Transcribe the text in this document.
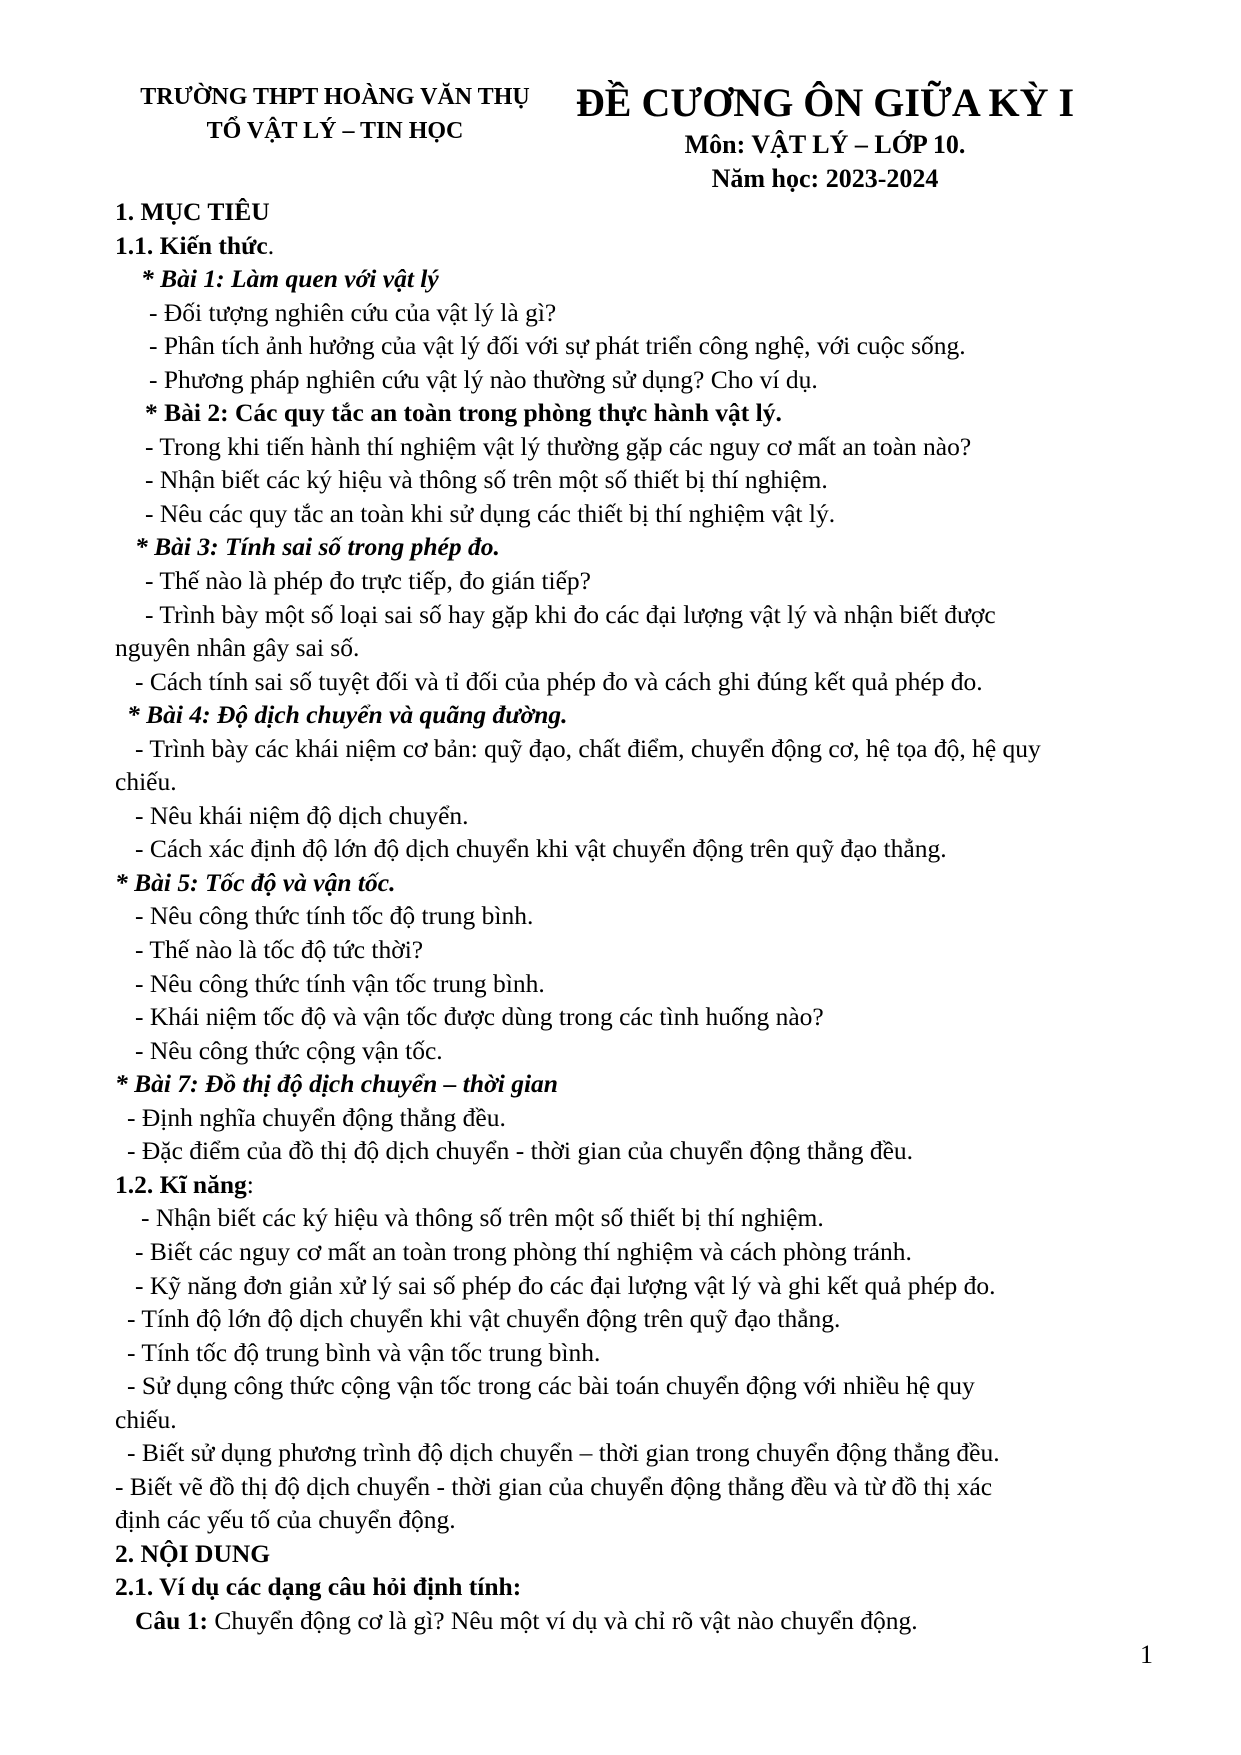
TRƯỜNG THPT HOÀNG VĂN THỤ
TỔ VẬT LÝ – TIN HỌC
ĐỀ CƯƠNG ÔN GIỮA KỲ I
Môn: VẬT LÝ – LỚP 10.
Năm học: 2023-2024
1. MỤC TIÊU
1.1. Kiến thức.
* Bài 1: Làm quen với vật lý
- Đối tượng nghiên cứu của vật lý là gì?
- Phân tích ảnh hưởng của vật lý đối với sự phát triển công nghệ, với cuộc sống.
- Phương pháp nghiên cứu vật lý nào thường sử dụng? Cho ví dụ.
* Bài 2: Các quy tắc an toàn trong phòng thực hành vật lý.
- Trong khi tiến hành thí nghiệm vật lý thường gặp các nguy cơ mất an toàn nào?
- Nhận biết các ký hiệu và thông số trên một số thiết bị thí nghiệm.
- Nêu các quy tắc an toàn khi sử dụng các thiết bị thí nghiệm vật lý.
* Bài 3: Tính sai số trong phép đo.
- Thế nào là phép đo trực tiếp, đo gián tiếp?
- Trình bày một số loại sai số hay gặp khi đo các đại lượng vật lý và nhận biết được
nguyên nhân gây sai số.
- Cách tính sai số tuyệt đối và tỉ đối của phép đo và cách ghi đúng kết quả phép đo.
* Bài 4: Độ dịch chuyển và quãng đường.
- Trình bày các khái niệm cơ bản: quỹ đạo, chất điểm, chuyển động cơ, hệ tọa độ, hệ quy
chiếu.
- Nêu khái niệm độ dịch chuyển.
- Cách xác định độ lớn độ dịch chuyển khi vật chuyển động trên quỹ đạo thẳng.
* Bài 5: Tốc độ và vận tốc.
- Nêu công thức tính tốc độ trung bình.
- Thế nào là tốc độ tức thời?
- Nêu công thức tính vận tốc trung bình.
- Khái niệm tốc độ và vận tốc được dùng trong các tình huống nào?
- Nêu công thức cộng vận tốc.
* Bài 7: Đồ thị độ dịch chuyển – thời gian
- Định nghĩa chuyển động thẳng đều.
- Đặc điểm của đồ thị độ dịch chuyển - thời gian của chuyển động thẳng đều.
1.2. Kĩ năng:
- Nhận biết các ký hiệu và thông số trên một số thiết bị thí nghiệm.
- Biết các nguy cơ mất an toàn trong phòng thí nghiệm và cách phòng tránh.
- Kỹ năng đơn giản xử lý sai số phép đo các đại lượng vật lý và ghi kết quả phép đo.
- Tính độ lớn độ dịch chuyển khi vật chuyển động trên quỹ đạo thẳng.
- Tính tốc độ trung bình và vận tốc trung bình.
- Sử dụng công thức cộng vận tốc trong các bài toán chuyển động với nhiều hệ quy
chiếu.
- Biết sử dụng phương trình độ dịch chuyển – thời gian trong chuyển động thẳng đều.
- Biết vẽ đồ thị độ dịch chuyển - thời gian của chuyển động thẳng đều và từ đồ thị xác
định các yếu tố của chuyển động.
2. NỘI DUNG
2.1. Ví dụ các dạng câu hỏi định tính:
Câu 1: Chuyển động cơ là gì? Nêu một ví dụ và chỉ rõ vật nào chuyển động.
1
